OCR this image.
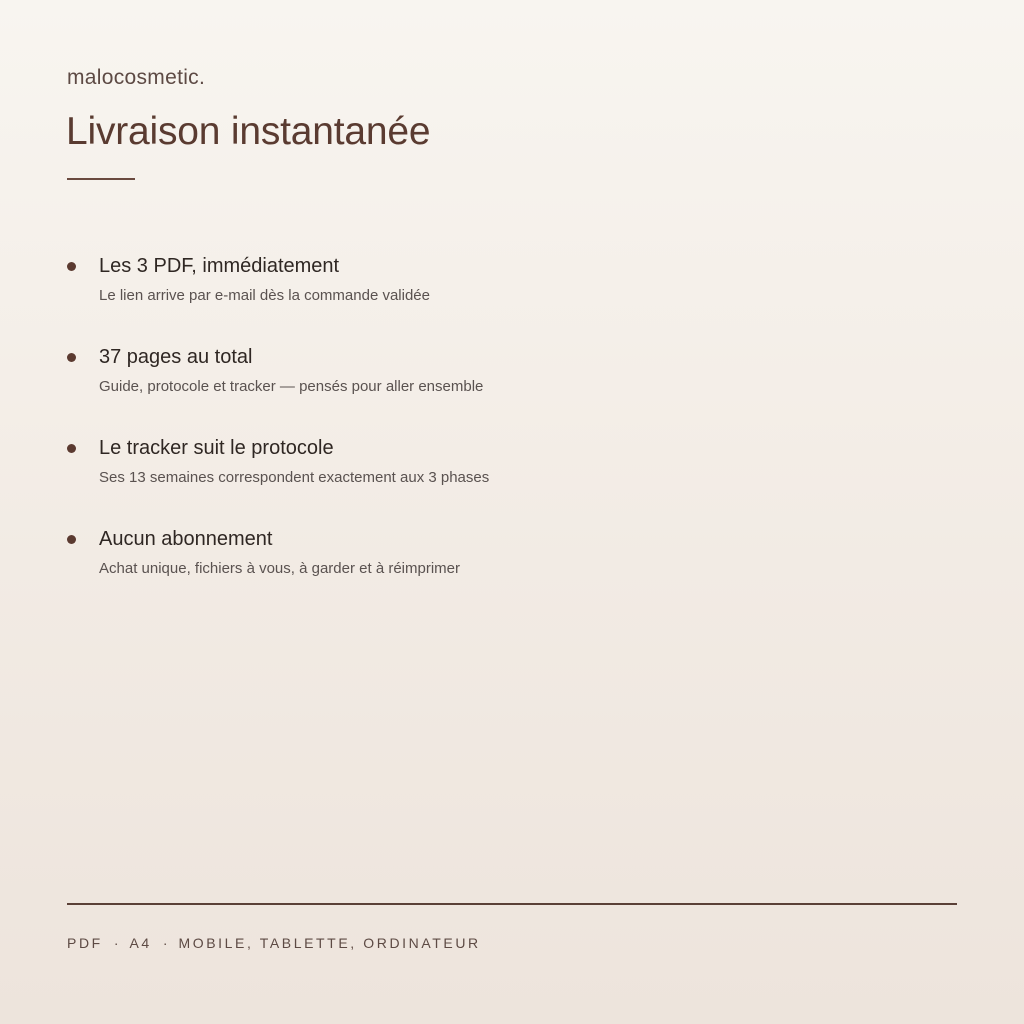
malocosmetic.
Livraison instantanée
Les 3 PDF, immédiatement
Le lien arrive par e-mail dès la commande validée
37 pages au total
Guide, protocole et tracker — pensés pour aller ensemble
Le tracker suit le protocole
Ses 13 semaines correspondent exactement aux 3 phases
Aucun abonnement
Achat unique, fichiers à vous, à garder et à réimprimer
PDF · A4 · MOBILE, TABLETTE, ORDINATEUR
